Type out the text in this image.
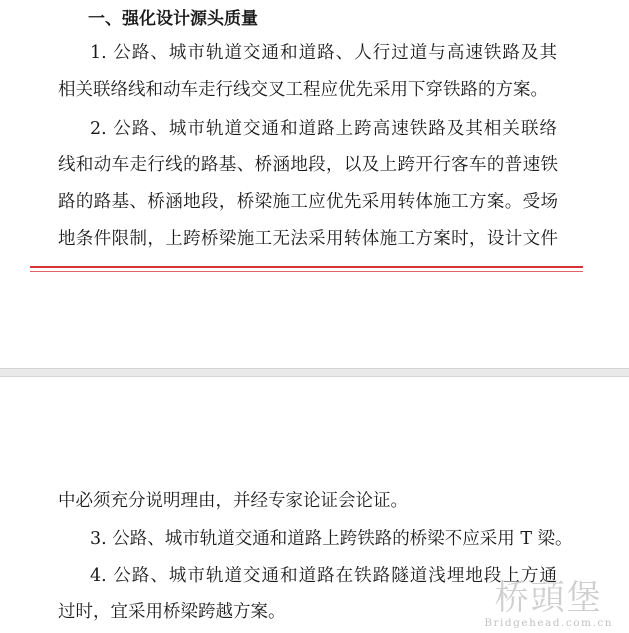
一、强化设计源头质量
1. 公路、城市轨道交通和道路、人行过道与高速铁路及其
相关联络线和动车走行线交叉工程应优先采用下穿铁路的方案。
2. 公路、城市轨道交通和道路上跨高速铁路及其相关联络
线和动车走行线的路基、桥涵地段，以及上跨开行客车的普速铁
路的路基、桥涵地段，桥梁施工应优先采用转体施工方案。受场
地条件限制，上跨桥梁施工无法采用转体施工方案时，设计文件
中必须充分说明理由，并经专家论证会论证。
3. 公路、城市轨道交通和道路上跨铁路的桥梁不应采用 T 梁。
4. 公路、城市轨道交通和道路在铁路隧道浅埋地段上方通
过时，宜采用桥梁跨越方案。	桥頭堡
Bridgehead.com.cn
